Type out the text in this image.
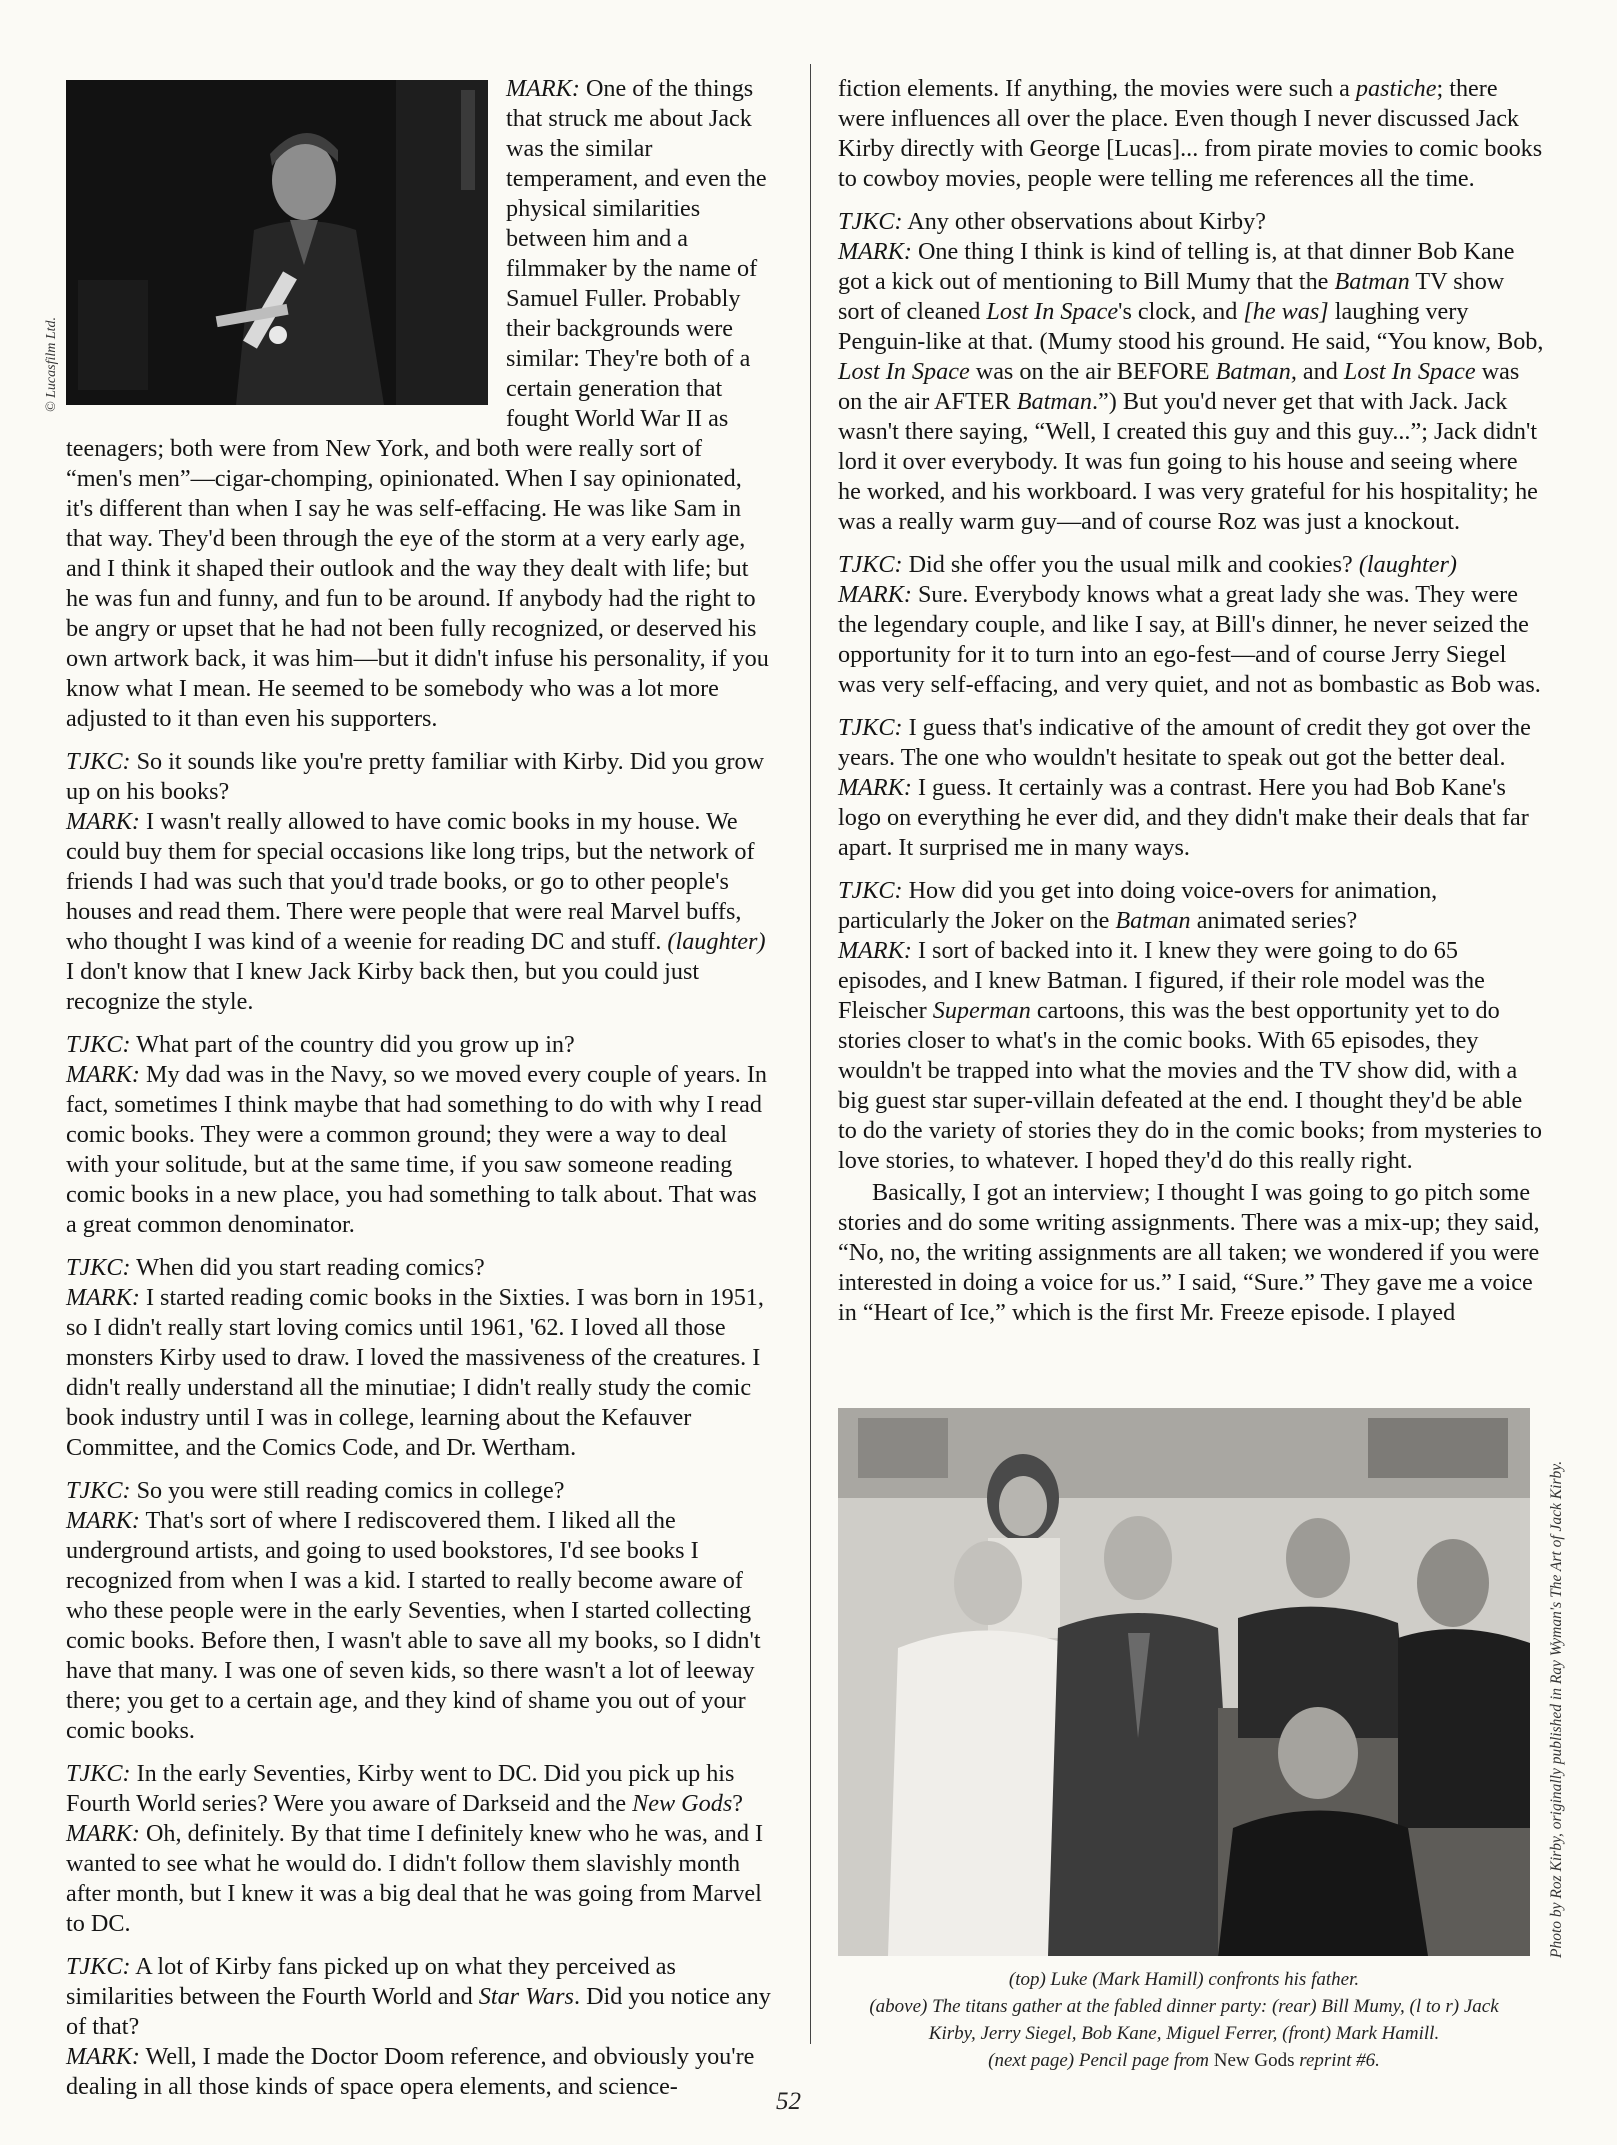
© Lucasfilm Ltd.
Photo by Roz Kirby, originally published in Ray Wyman's The Art of Jack Kirby.

MARK: One of the things that struck me about Jack was the similar temperament, and even the physical similarities between him and a filmmaker by the name of Samuel Fuller. Probably their backgrounds were similar: They're both of a certain generation that fought World War II as teenagers; both were from New York, and both were really sort of “men's men”—cigar-chomping, opinionated. When I say opinionated, it's different than when I say he was self-effacing. He was like Sam in that way. They'd been through the eye of the storm at a very early age, and I think it shaped their outlook and the way they dealt with life; but he was fun and funny, and fun to be around. If anybody had the right to be angry or upset that he had not been fully recognized, or deserved his own artwork back, it was him—but it didn't infuse his personality, if you know what I mean. He seemed to be somebody who was a lot more adjusted to it than even his supporters.

TJKC: So it sounds like you're pretty familiar with Kirby. Did you grow up on his books?
MARK: I wasn't really allowed to have comic books in my house. We could buy them for special occasions like long trips, but the network of friends I had was such that you'd trade books, or go to other people's houses and read them. There were people that were real Marvel buffs, who thought I was kind of a weenie for reading DC and stuff. (laughter) I don't know that I knew Jack Kirby back then, but you could just recognize the style.

TJKC: What part of the country did you grow up in?
MARK: My dad was in the Navy, so we moved every couple of years. In fact, sometimes I think maybe that had something to do with why I read comic books. They were a common ground; they were a way to deal with your solitude, but at the same time, if you saw someone reading comic books in a new place, you had something to talk about. That was a great common denominator.

TJKC: When did you start reading comics?
MARK: I started reading comic books in the Sixties. I was born in 1951, so I didn't really start loving comics until 1961, '62. I loved all those monsters Kirby used to draw. I loved the massiveness of the creatures. I didn't really understand all the minutiae; I didn't really study the comic book industry until I was in college, learning about the Kefauver Committee, and the Comics Code, and Dr. Wertham.

TJKC: So you were still reading comics in college?
MARK: That's sort of where I rediscovered them. I liked all the underground artists, and going to used bookstores, I'd see books I recognized from when I was a kid. I started to really become aware of who these people were in the early Seventies, when I started collecting comic books. Before then, I wasn't able to save all my books, so I didn't have that many. I was one of seven kids, so there wasn't a lot of leeway there; you get to a certain age, and they kind of shame you out of your comic books.

TJKC: In the early Seventies, Kirby went to DC. Did you pick up his Fourth World series? Were you aware of Darkseid and the New Gods?
MARK: Oh, definitely. By that time I definitely knew who he was, and I wanted to see what he would do. I didn't follow them slavishly month after month, but I knew it was a big deal that he was going from Marvel to DC.

TJKC: A lot of Kirby fans picked up on what they perceived as similarities between the Fourth World and Star Wars. Did you notice any of that?
MARK: Well, I made the Doctor Doom reference, and obviously you're dealing in all those kinds of space opera elements, and science-

fiction elements. If anything, the movies were such a pastiche; there were influences all over the place. Even though I never discussed Jack Kirby directly with George [Lucas]... from pirate movies to comic books to cowboy movies, people were telling me references all the time.

TJKC: Any other observations about Kirby?
MARK: One thing I think is kind of telling is, at that dinner Bob Kane got a kick out of mentioning to Bill Mumy that the Batman TV show sort of cleaned Lost In Space's clock, and [he was] laughing very Penguin-like at that. (Mumy stood his ground. He said, “You know, Bob, Lost In Space was on the air BEFORE Batman, and Lost In Space was on the air AFTER Batman.”) But you'd never get that with Jack. Jack wasn't there saying, “Well, I created this guy and this guy...”; Jack didn't lord it over everybody. It was fun going to his house and seeing where he worked, and his workboard. I was very grateful for his hospitality; he was a really warm guy—and of course Roz was just a knockout.

TJKC: Did she offer you the usual milk and cookies? (laughter)
MARK: Sure. Everybody knows what a great lady she was. They were the legendary couple, and like I say, at Bill's dinner, he never seized the opportunity for it to turn into an ego-fest—and of course Jerry Siegel was very self-effacing, and very quiet, and not as bombastic as Bob was.

TJKC: I guess that's indicative of the amount of credit they got over the years. The one who wouldn't hesitate to speak out got the better deal.
MARK: I guess. It certainly was a contrast. Here you had Bob Kane's logo on everything he ever did, and they didn't make their deals that far apart. It surprised me in many ways.

TJKC: How did you get into doing voice-overs for animation, particularly the Joker on the Batman animated series?
MARK: I sort of backed into it. I knew they were going to do 65 episodes, and I knew Batman. I figured, if their role model was the Fleischer Superman cartoons, this was the best opportunity yet to do stories closer to what's in the comic books. With 65 episodes, they wouldn't be trapped into what the movies and the TV show did, with a big guest star super-villain defeated at the end. I thought they'd be able to do the variety of stories they do in the comic books; from mysteries to love stories, to whatever. I hoped they'd do this really right.

Basically, I got an interview; I thought I was going to go pitch some stories and do some writing assignments. There was a mix-up; they said, “No, no, the writing assignments are all taken; we wondered if you were interested in doing a voice for us.” I said, “Sure.” They gave me a voice in “Heart of Ice,” which is the first Mr. Freeze episode. I played

(top) Luke (Mark Hamill) confronts his father.
(above) The titans gather at the fabled dinner party: (rear) Bill Mumy, (l to r) Jack
Kirby, Jerry Siegel, Bob Kane, Miguel Ferrer, (front) Mark Hamill.
(next page) Pencil page from New Gods reprint #6.
52
